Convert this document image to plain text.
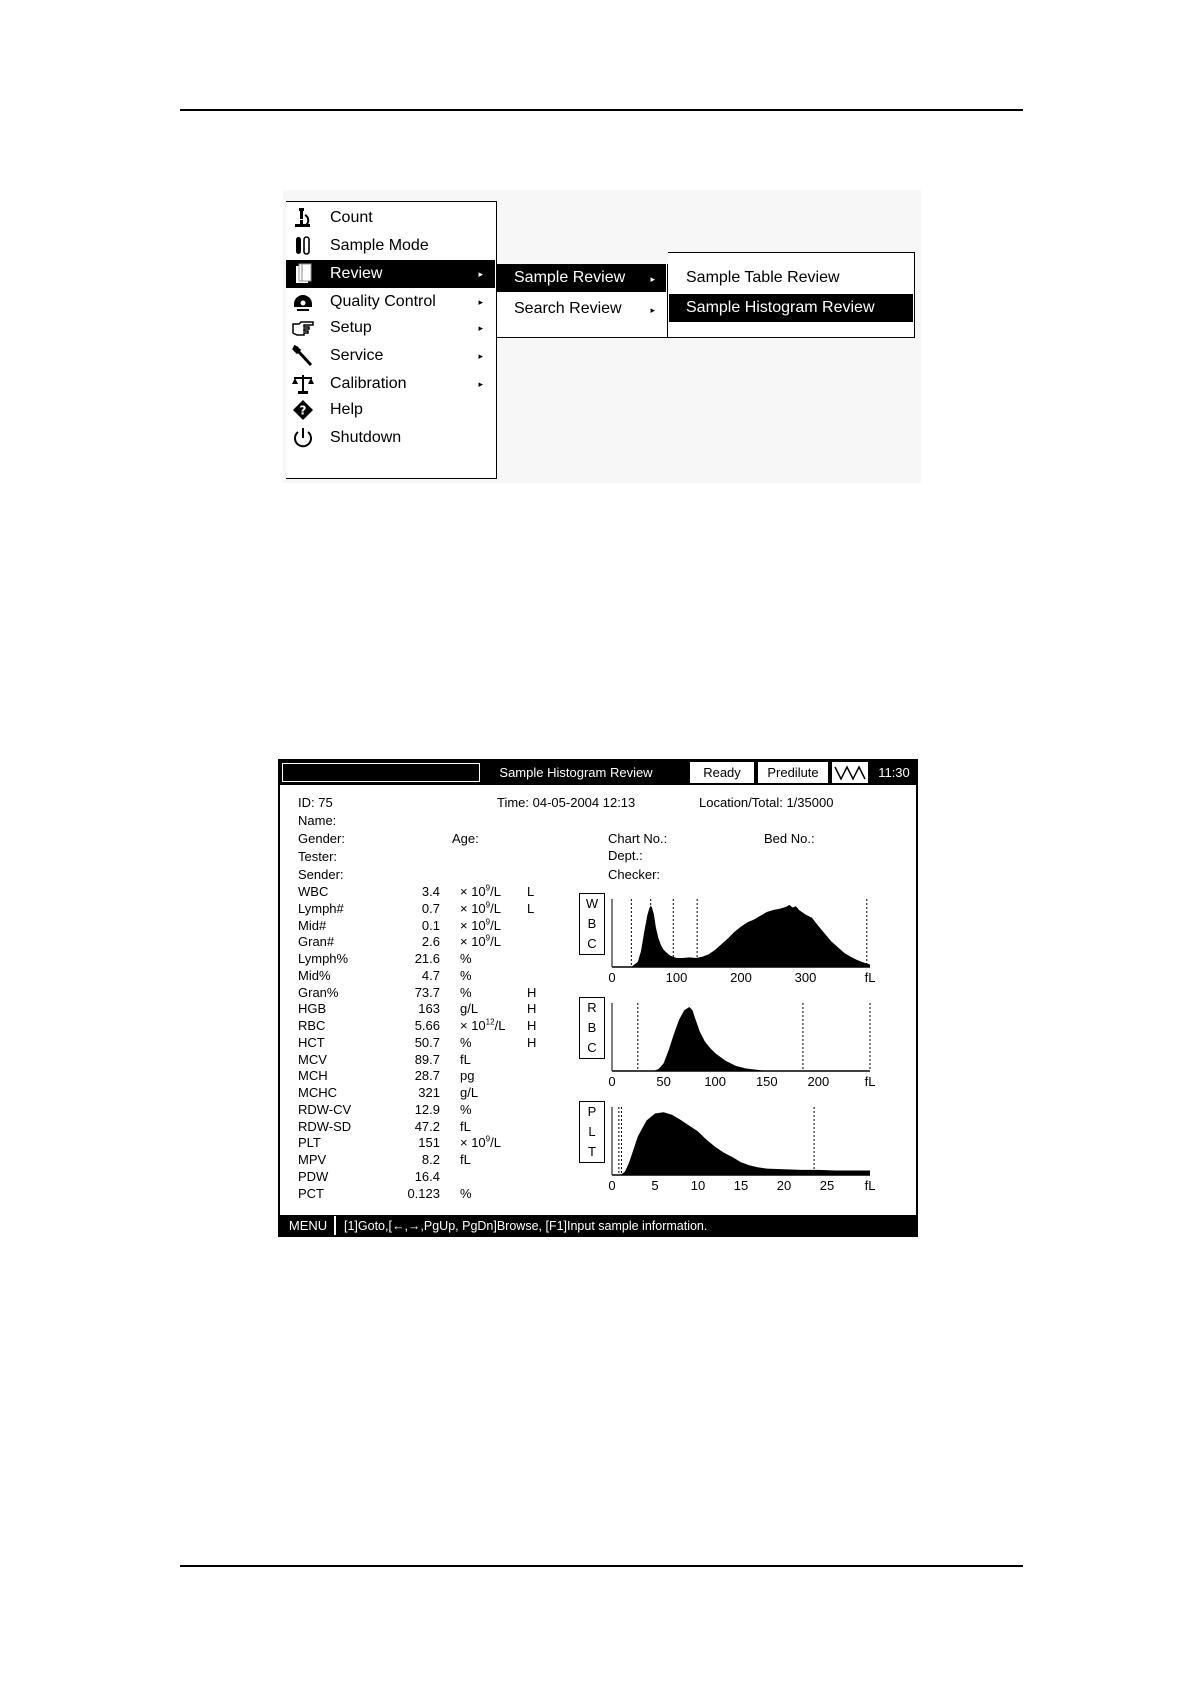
Count
Sample Mode
Review	▸
Quality Control	▸
Setup	▸
Service	▸
Calibration	▸
? Help
Shutdown
Sample Review	▸
Search Review	▸
Sample Table Review
Sample Histogram Review
Sample Histogram Review	Ready	Predilute	11:30
ID: 75	Time: 04-05-2004 12:13	Location/Total: 1/35000
Name:
Gender:	Age:	Chart No.:	Bed No.:
Tester:	Dept.:
Sender:	Checker:
WBC	$3.4 \times 10^9/L$ L
Lymph#	$0.7 \times 10^9/L$ L
Mid#	$0.1 \times 10^9/L$
Gran#	$2.6 \times 10^9/L$
Lymph%	21.6 %
Mid%	4.7 %
Gran%	73.7 %	H
HGB	163 g/L	H
RBC	$5.66 \times 10^{12}/L$ H
HCT	50.7 %	H
MCV	89.7 fL
MCH	28.7 pg
MCHC	321 g/L
RDW-CV	12.9 %
RDW-SD	47.2 fL
PLT	$151 \times 10^9/L$
MPV	8.2 fL
PDW	16.4
PCT	0.123 %
W
B
C
0	100	200	300	fL
R
B
C
0	50	100 150 200	fL
P
L
T
0	5 10 15 20 25 fL
MENU	[1]Goto,[←,→,PgUp, PgDn]Browse, [F1]Input sample information.
